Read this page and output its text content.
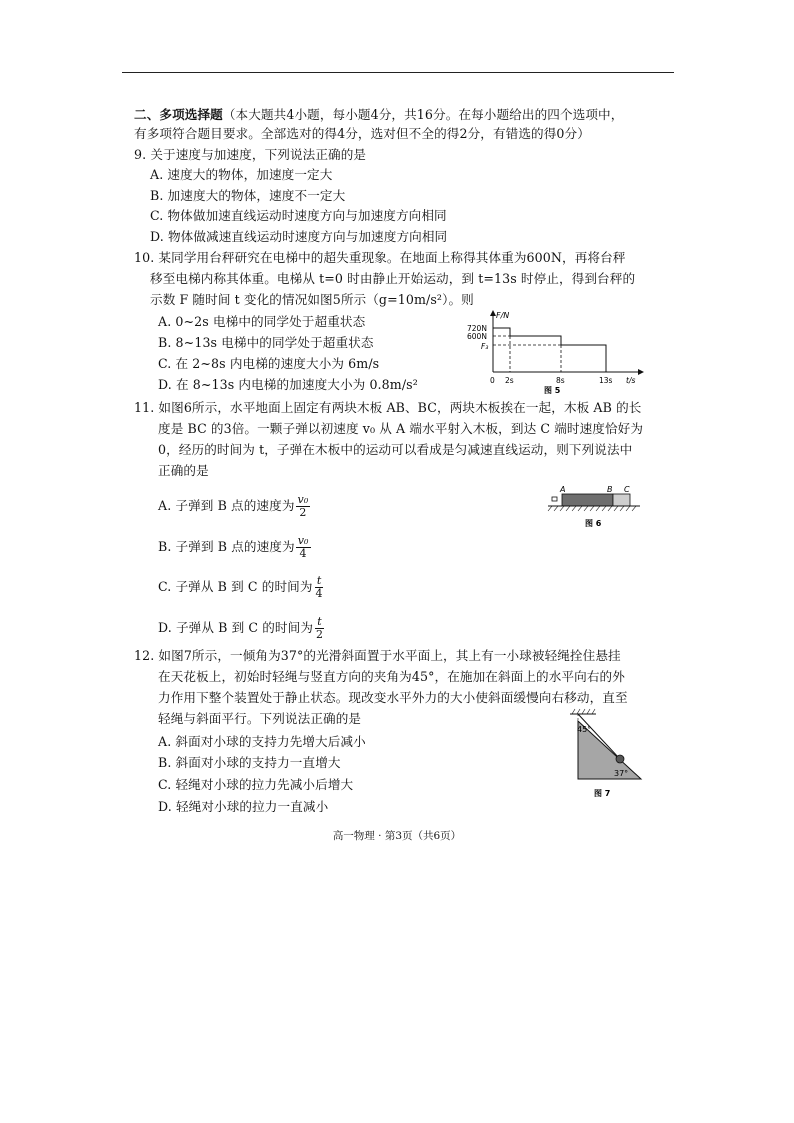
二、多项选择题（本大题共4小题，每小题4分，共16分。在每小题给出的四个选项中，
有多项符合题目要求。全部选对的得4分，选对但不全的得2分，有错选的得0分）
9. 关于速度与加速度，下列说法正确的是
A. 速度大的物体，加速度一定大
B. 加速度大的物体，速度不一定大
C. 物体做加速直线运动时速度方向与加速度方向相同
D. 物体做减速直线运动时速度方向与加速度方向相同
10. 某同学用台秤研究在电梯中的超失重现象。在地面上称得其体重为600N，再将台秤
移至电梯内称其体重。电梯从 t=0 时由静止开始运动，到 t=13s 时停止，得到台秤的
示数 F 随时间 t 变化的情况如图5所示（g=10m/s²）。则
A. 0~2s 电梯中的同学处于超重状态
B. 8~13s 电梯中的同学处于超重状态
C. 在 2~8s 内电梯的速度大小为 6m/s
D. 在 8~13s 内电梯的加速度大小为 0.8m/s²
F/N
720N
600N
F₃
0 2s	8s	13s t/s
图 5
11. 如图6所示，水平地面上固定有两块木板 AB、BC，两块木板挨在一起，木板 AB 的长
度是 BC 的3倍。一颗子弹以初速度 v₀ 从 A 端水平射入木板，到达 C 端时速度恰好为
0，经历的时间为 t，子弹在木板中的运动可以看成是匀减速直线运动，则下列说法中
正确的是
A. 子弹到 B 点的速度为 $\frac{\text{v₀}}{2}$
B. 子弹到 B 点的速度为 $\frac{\text{v₀}}{4}$
C. 子弹从 B 到 C 的时间为 $\frac{t}{4}$
D. 子弹从 B 到 C 的时间为 $\frac{t}{2}$
A	B C
图 6
12. 如图7所示，一倾角为37°的光滑斜面置于水平面上，其上有一小球被轻绳拴住悬挂
在天花板上，初始时轻绳与竖直方向的夹角为45°，在施加在斜面上的水平向右的外
力作用下整个装置处于静止状态。现改变水平外力的大小使斜面缓慢向右移动，直至
轻绳与斜面平行。下列说法正确的是
A. 斜面对小球的支持力先增大后减小
B. 斜面对小球的支持力一直增大
C. 轻绳对小球的拉力先减小后增大
D. 轻绳对小球的拉力一直减小
45°
37°
图 7
高一物理 · 第3页（共6页）
